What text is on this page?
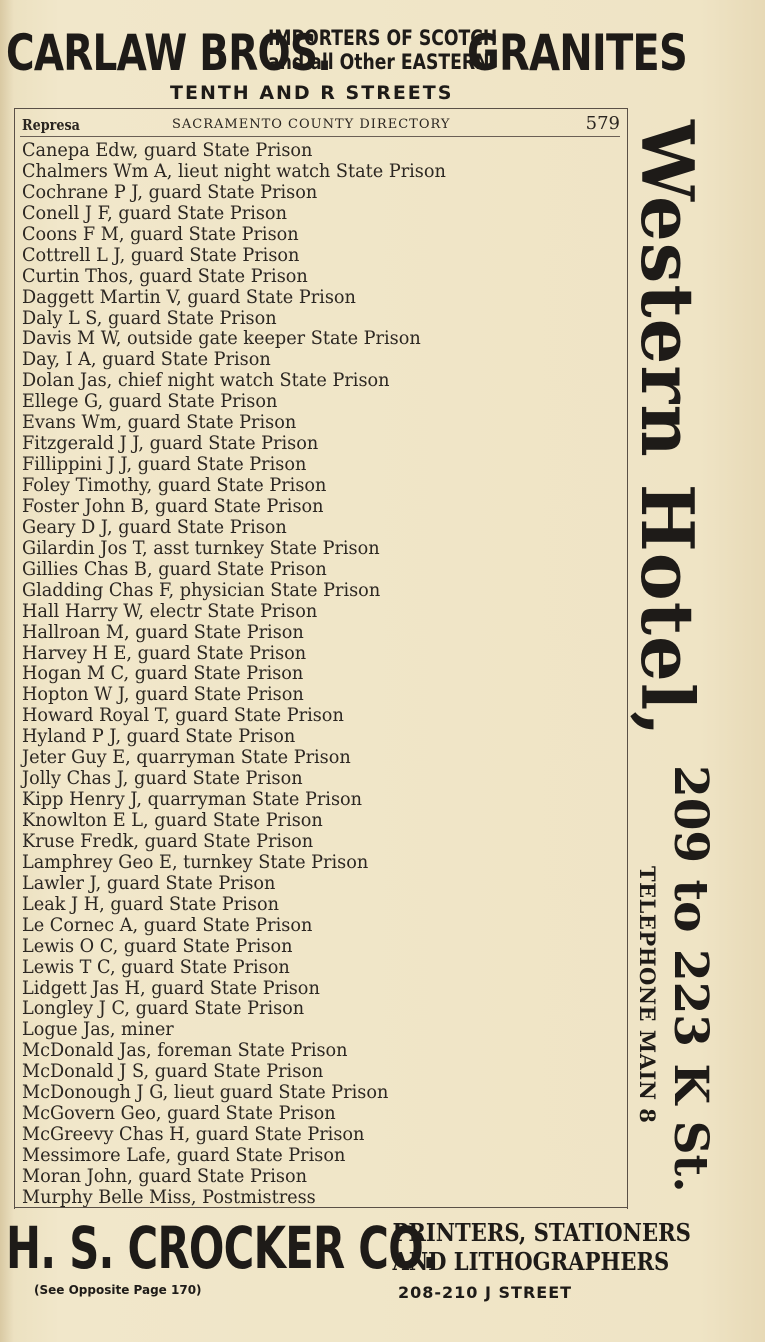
CARLAW BROS.
IMPORTERS OF SCOTCH
and all Other EASTERN
GRANITES
TENTH AND R STREETS
Represa	SACRAMENTO COUNTY DIRECTORY	579
Canepa Edw, guard State Prison
Chalmers Wm A, lieut night watch State Prison
Cochrane P J, guard State Prison
Conell J F, guard State Prison
Coons F M, guard State Prison
Cottrell L J, guard State Prison
Curtin Thos, guard State Prison
Daggett Martin V, guard State Prison
Daly L S, guard State Prison
Davis M W, outside gate keeper State Prison
Day, I A, guard State Prison
Dolan Jas, chief night watch State Prison
Ellege G, guard State Prison
Evans Wm, guard State Prison
Fitzgerald J J, guard State Prison
Fillippini J J, guard State Prison
Foley Timothy, guard State Prison
Foster John B, guard State Prison
Geary D J, guard State Prison
Gilardin Jos T, asst turnkey State Prison
Gillies Chas B, guard State Prison
Gladding Chas F, physician State Prison
Hall Harry W, electr State Prison
Hallroan M, guard State Prison
Harvey H E, guard State Prison
Hogan M C, guard State Prison
Hopton W J, guard State Prison
Howard Royal T, guard State Prison
Hyland P J, guard State Prison
Jeter Guy E, quarryman State Prison
Jolly Chas J, guard State Prison
Kipp Henry J, quarryman State Prison
Knowlton E L, guard State Prison
Kruse Fredk, guard State Prison
Lamphrey Geo E, turnkey State Prison
Lawler J, guard State Prison
Leak J H, guard State Prison
Le Cornec A, guard State Prison
Lewis O C, guard State Prison
Lewis T C, guard State Prison
Lidgett Jas H, guard State Prison
Longley J C, guard State Prison
Logue Jas, miner
McDonald Jas, foreman State Prison
McDonald J S, guard State Prison
McDonough J G, lieut guard State Prison
McGovern Geo, guard State Prison
McGreevy Chas H, guard State Prison
Messimore Lafe, guard State Prison
Moran John, guard State Prison
Murphy Belle Miss, Postmistress
Western Hotel,
209 to 223 K St.
TELEPHONE MAIN 8
H. S. CROCKER CO.
(See Opposite Page 170)
PRINTERS, STATIONERS
AND LITHOGRAPHERS
208-210 J STREET
